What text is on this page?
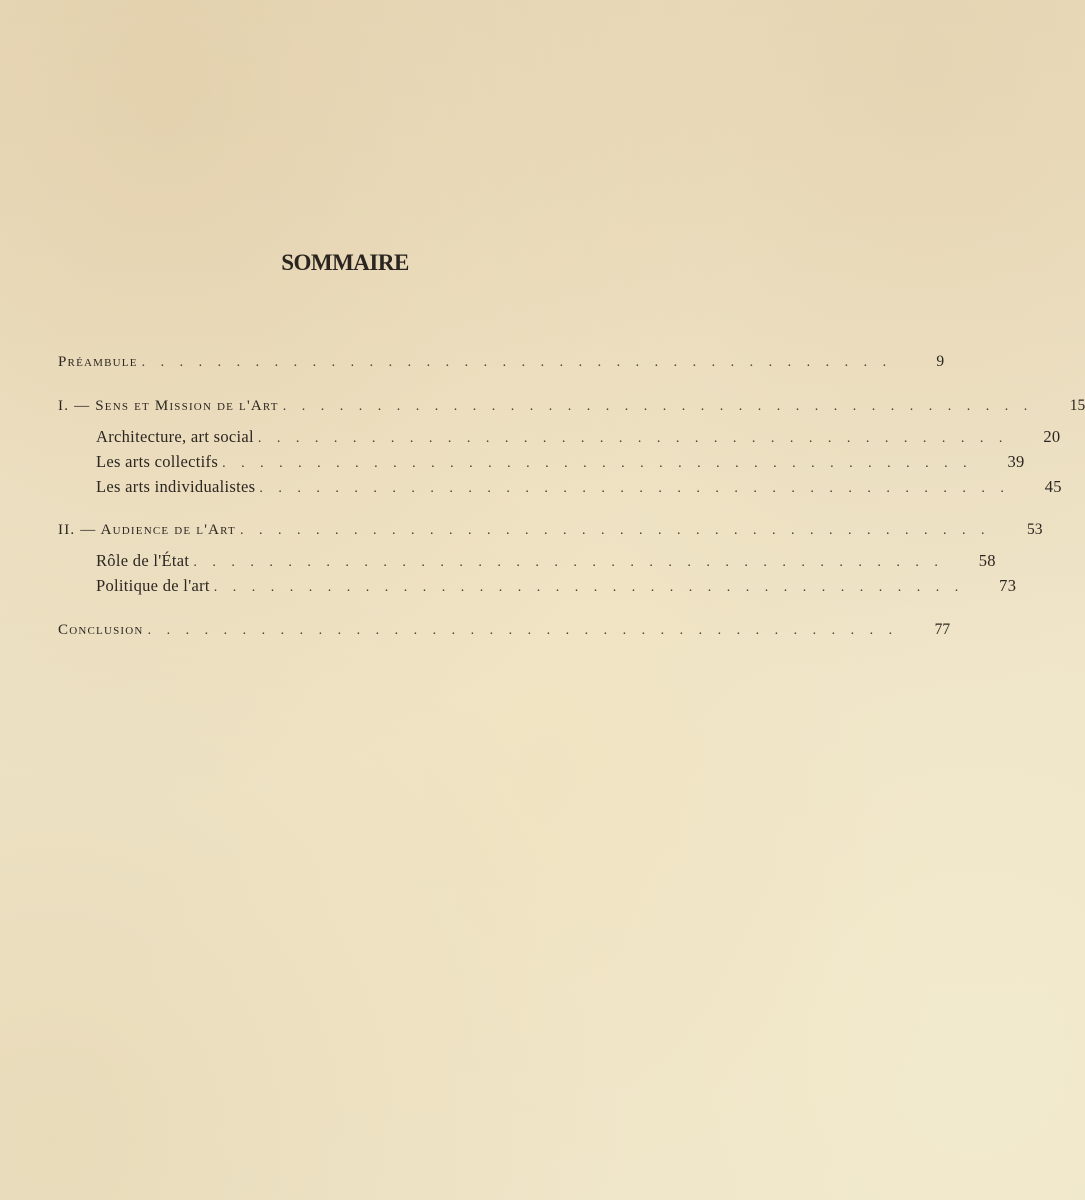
SOMMAIRE
Préambule . . . . . . . . . . . . . . . . . . . . . . . . . . . . . . . . . . . . . . . .	9
I. — Sens et Mission de l'Art . . . . . . . . . . . . . . . . . . . . . . . . . . . . . . . . . . . . . . . .	15
Architecture, art social . . . . . . . . . . . . . . . . . . . . . . . . . . . . . . . . . . . . . . . .	20
Les arts collectifs . . . . . . . . . . . . . . . . . . . . . . . . . . . . . . . . . . . . . . . .	39
Les arts individualistes . . . . . . . . . . . . . . . . . . . . . . . . . . . . . . . . . . . . . . . .	45
II. — Audience de l'Art . . . . . . . . . . . . . . . . . . . . . . . . . . . . . . . . . . . . . . . .	53
Rôle de l'État . . . . . . . . . . . . . . . . . . . . . . . . . . . . . . . . . . . . . . . .	58
Politique de l'art . . . . . . . . . . . . . . . . . . . . . . . . . . . . . . . . . . . . . . . .	73
Conclusion . . . . . . . . . . . . . . . . . . . . . . . . . . . . . . . . . . . . . . . .	77
